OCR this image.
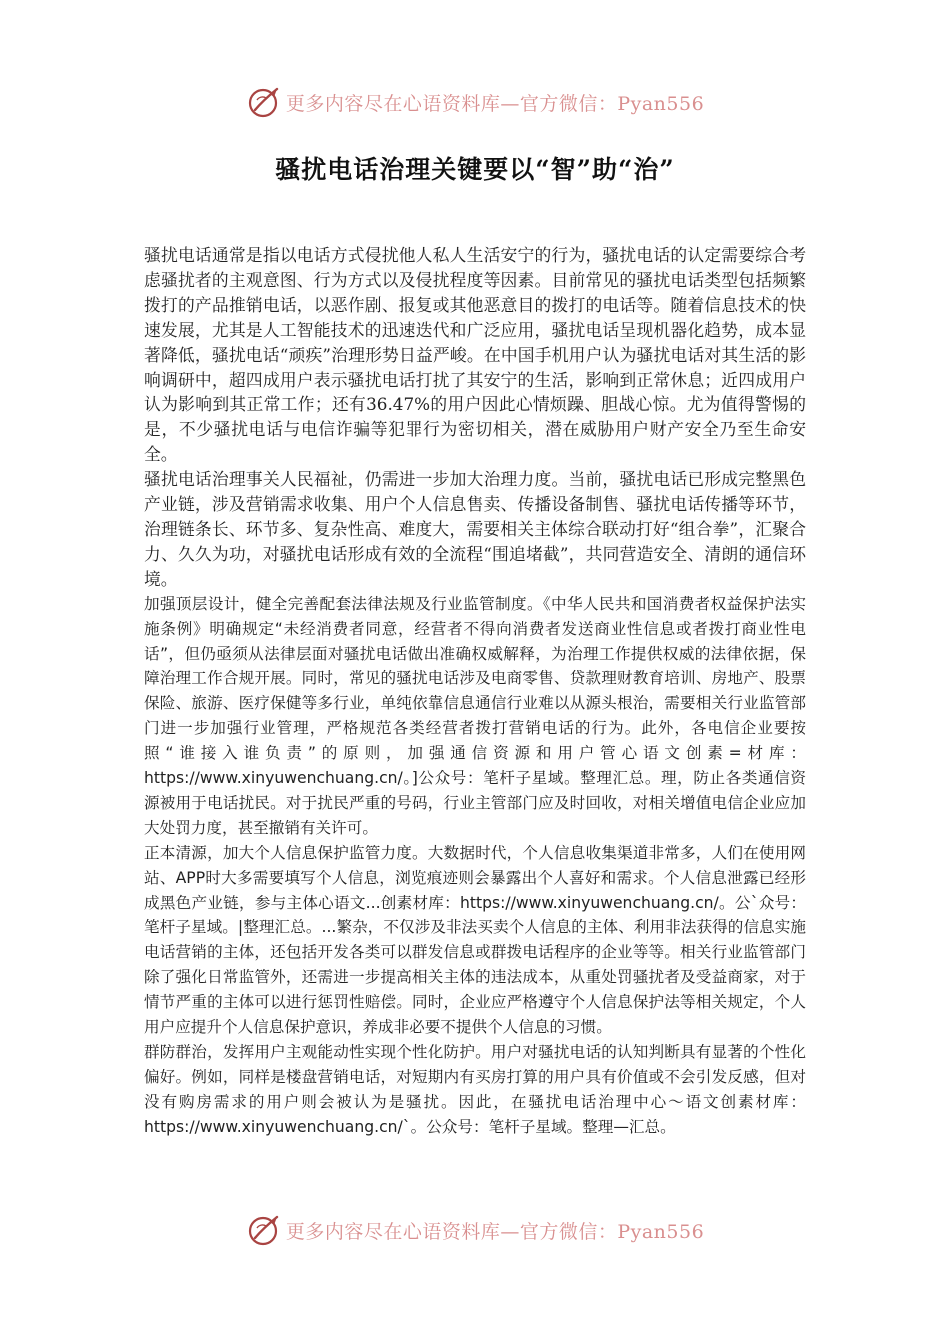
更多内容尽在心语资料库—官方微信：Pyan556
骚扰电话治理关键要以“智”助“治”

骚扰电话通常是指以电话方式侵扰他人私人生活安宁的行为，骚扰电话的认定需要综合考虑骚扰者的主观意图、行为方式以及侵扰程度等因素。目前常见的骚扰电话类型包括频繁拨打的产品推销电话，以恶作剧、报复或其他恶意目的拨打的电话等。随着信息技术的快速发展，尤其是人工智能技术的迅速迭代和广泛应用，骚扰电话呈现机器化趋势，成本显著降低，骚扰电话“顽疾”治理形势日益严峻。在中国手机用户认为骚扰电话对其生活的影响调研中，超四成用户表示骚扰电话打扰了其安宁的生活，影响到正常休息；近四成用户认为影响到其正常工作；还有36.47%的用户因此心情烦躁、胆战心惊。尤为值得警惕的是，不少骚扰电话与电信诈骗等犯罪行为密切相关，潜在威胁用户财产安全乃至生命安全。

骚扰电话治理事关人民福祉，仍需进一步加大治理力度。当前，骚扰电话已形成完整黑色产业链，涉及营销需求收集、用户个人信息售卖、传播设备制售、骚扰电话传播等环节，治理链条长、环节多、复杂性高、难度大，需要相关主体综合联动打好“组合拳”，汇聚合力、久久为功，对骚扰电话形成有效的全流程“围追堵截”，共同营造安全、清朗的通信环境。

加强顶层设计，健全完善配套法律法规及行业监管制度。《中华人民共和国消费者权益保护法实施条例》明确规定“未经消费者同意，经营者不得向消费者发送商业性信息或者拨打商业性电话”，但仍亟须从法律层面对骚扰电话做出准确权威解释，为治理工作提供权威的法律依据，保障治理工作合规开展。同时，常见的骚扰电话涉及电商零售、贷款理财教育培训、房地产、股票保险、旅游、医疗保健等多行业，单纯依靠信息通信行业难以从源头根治，需要相关行业监管部门进一步加强行业管理，严格规范各类经营者拨打营销电话的行为。此外，各电信企业要按照“谁接入谁负责”的原则，加强通信资源和用户管心语文创素=材库：https://www.xinyuwenchuang.cn/。]公众号：笔杆子星域。整理汇总。理，防止各类通信资源被用于电话扰民。对于扰民严重的号码，行业主管部门应及时回收，对相关增值电信企业应加大处罚力度，甚至撤销有关许可。

正本清源，加大个人信息保护监管力度。大数据时代，个人信息收集渠道非常多，人们在使用网站、APP时大多需要填写个人信息，浏览痕迹则会暴露出个人喜好和需求。个人信息泄露已经形成黑色产业链，参与主体心语文...创素材库：https://www.xinyuwenchuang.cn/。公`众号：笔杆子星域。|整理汇总。...繁杂，不仅涉及非法买卖个人信息的主体、利用非法获得的信息实施电话营销的主体，还包括开发各类可以群发信息或群拨电话程序的企业等等。相关行业监管部门除了强化日常监管外，还需进一步提高相关主体的违法成本，从重处罚骚扰者及受益商家，对于情节严重的主体可以进行惩罚性赔偿。同时，企业应严格遵守个人信息保护法等相关规定，个人用户应提升个人信息保护意识，养成非必要不提供个人信息的习惯。

群防群治，发挥用户主观能动性实现个性化防护。用户对骚扰电话的认知判断具有显著的个性化偏好。例如，同样是楼盘营销电话，对短期内有买房打算的用户具有价值或不会引发反感，但对没有购房需求的用户则会被认为是骚扰。因此，在骚扰电话治理中心～语文创素材库：https://www.xinyuwenchuang.cn/`。公众号：笔杆子星域。整理—汇总。

更多内容尽在心语资料库—官方微信：Pyan556
